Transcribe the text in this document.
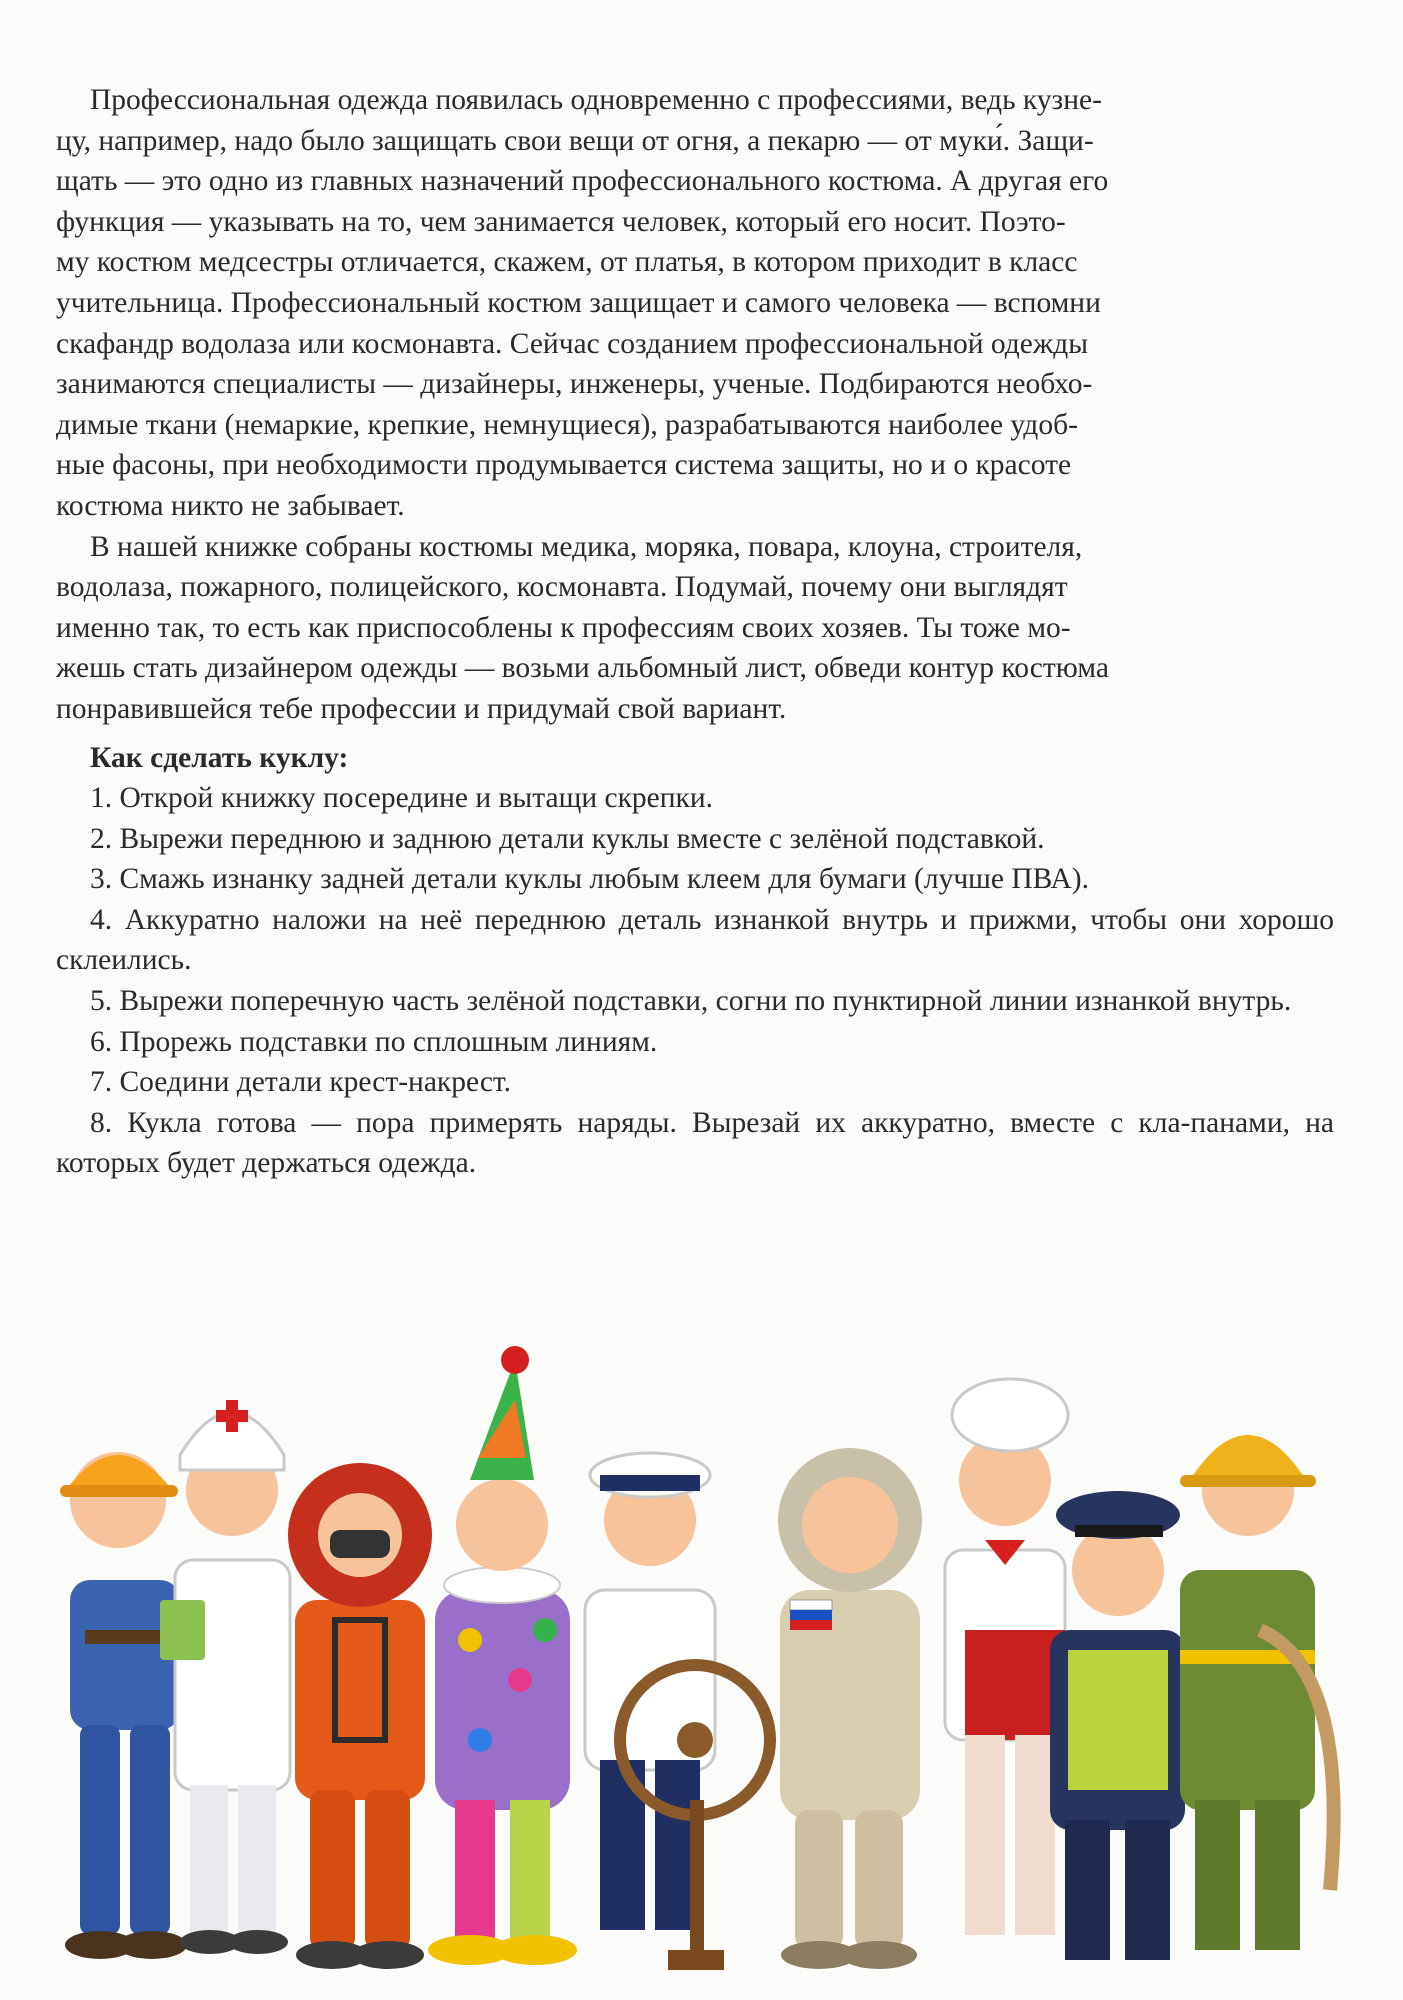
Профессиональная одежда появилась одновременно с профессиями, ведь кузне-
цу, например, надо было защищать свои вещи от огня, а пекарю — от муки́. Защи-
щать — это одно из главных назначений профессионального костюма. А другая его
функция — указывать на то, чем занимается человек, который его носит. Поэто-
му костюм медсестры отличается, скажем, от платья, в котором приходит в класс
учительница. Профессиональный костюм защищает и самого человека — вспомни
скафандр водолаза или космонавта. Сейчас созданием профессиональной одежды
занимаются специалисты — дизайнеры, инженеры, ученые. Подбираются необхо-
димые ткани (немаркие, крепкие, немнущиеся), разрабатываются наиболее удоб-
ные фасоны, при необходимости продумывается система защиты, но и о красоте
костюма никто не забывает.

В нашей книжке собраны костюмы медика, моряка, повара, клоуна, строителя,
водолаза, пожарного, полицейского, космонавта. Подумай, почему они выглядят
именно так, то есть как приспособлены к профессиям своих хозяев. Ты тоже мо-
жешь стать дизайнером одежды — возьми альбомный лист, обведи контур костюма
понравившейся тебе профессии и придумай свой вариант.

Как сделать куклу:

1. Открой книжку посередине и вытащи скрепки.

2. Вырежи переднюю и заднюю детали куклы вместе с зелёной подставкой.

3. Смажь изнанку задней детали куклы любым клеем для бумаги (лучше ПВА).

4. Аккуратно наложи на неё переднюю деталь изнанкой внутрь и прижми, чтобы они хорошо склеились.

5. Вырежи поперечную часть зелёной подставки, согни по пунктирной линии изнанкой внутрь.

6. Прорежь подставки по сплошным линиям.

7. Соедини детали крест-накрест.

8. Кукла готова — пора примерять наряды. Вырезай их аккуратно, вместе с кла-панами, на которых будет держаться одежда.
